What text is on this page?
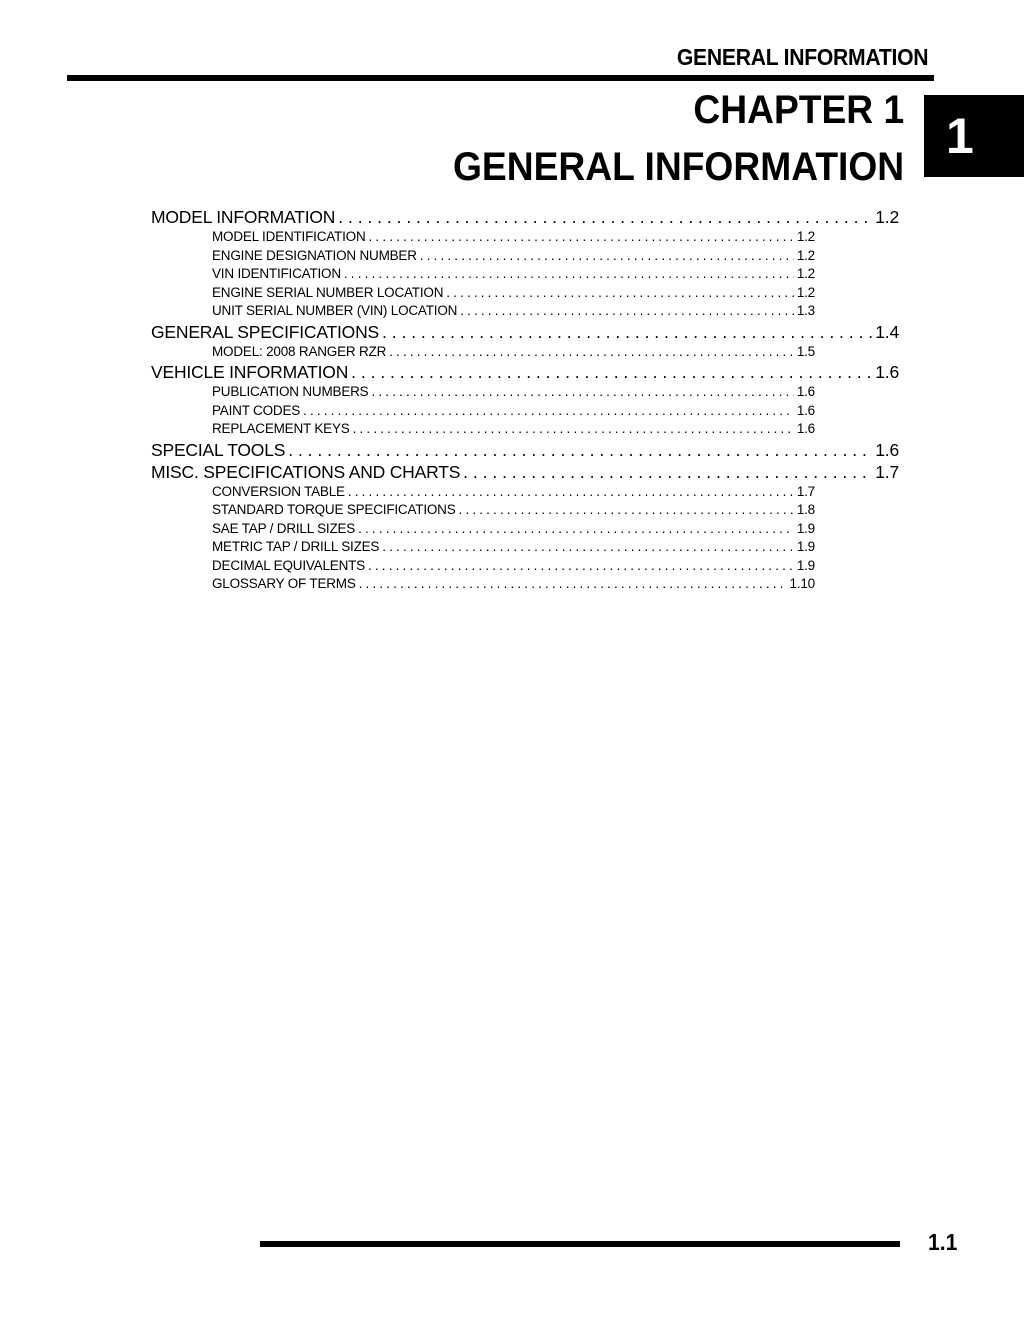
GENERAL INFORMATION
CHAPTER 1
GENERAL INFORMATION
1
MODEL INFORMATION . . .	1.2
MODEL IDENTIFICATION . . .	1.2
ENGINE DESIGNATION NUMBER . . .	1.2
VIN IDENTIFICATION . . .	1.2
ENGINE SERIAL NUMBER LOCATION . . .	1.2
UNIT SERIAL NUMBER (VIN) LOCATION . . .	1.3
GENERAL SPECIFICATIONS . . .	1.4
MODEL: 2008 RANGER RZR . . .	1.5
VEHICLE INFORMATION . . .	1.6
PUBLICATION NUMBERS . . .	1.6
PAINT CODES . . .	1.6
REPLACEMENT KEYS . . .	1.6
SPECIAL TOOLS . . .	1.6
MISC. SPECIFICATIONS AND CHARTS . . .	1.7
CONVERSION TABLE . . .	1.7
STANDARD TORQUE SPECIFICATIONS . . .	1.8
SAE TAP / DRILL SIZES . . .	1.9
METRIC TAP / DRILL SIZES . . .	1.9
DECIMAL EQUIVALENTS . . .	1.9
GLOSSARY OF TERMS . . .	1.10
1.1
